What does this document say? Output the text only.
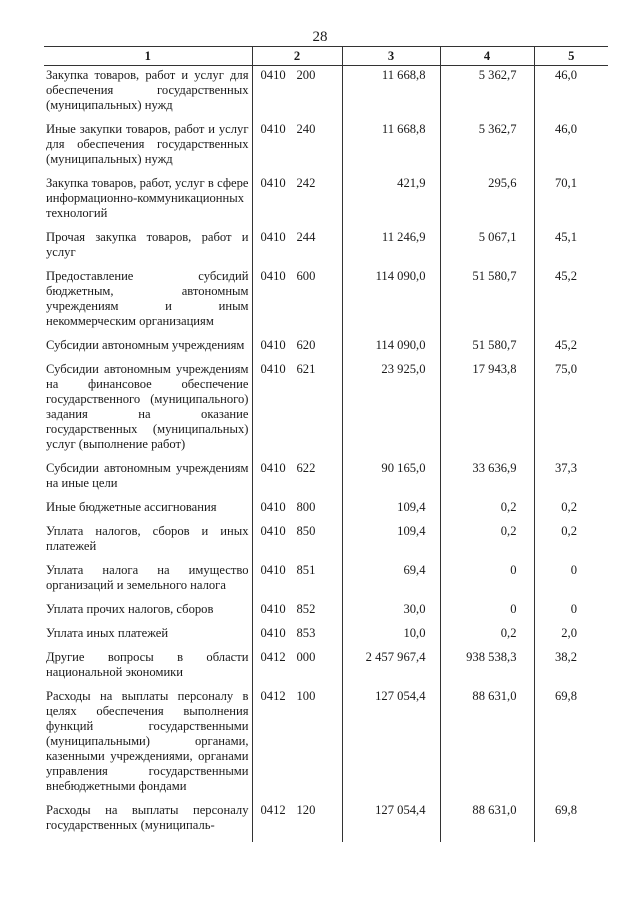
28
1	2	3	4	5
Закупка товаров, работ и услуг для обеспечения государственных (муниципальных) нужд	0410 200	11 668,8	5 362,7	46,0
Иные закупки товаров, работ и услуг для обеспечения государственных (муниципальных) нужд	0410 240	11 668,8	5 362,7	46,0
Закупка товаров, работ, услуг в сфере информационно-коммуникационных технологий	0410 242	421,9	295,6	70,1
Прочая закупка товаров, работ и услуг	0410 244	11 246,9	5 067,1	45,1
Предоставление субсидий бюджетным, автономным учреждениям и иным некоммерческим организациям	0410 600	114 090,0	51 580,7	45,2
Субсидии автономным учреждениям	0410 620	114 090,0	51 580,7	45,2
Субсидии автономным учреждениям на финансовое обеспечение государственного (муниципального) задания на оказание государственных (муниципальных) услуг (выполнение работ)	0410 621	23 925,0	17 943,8	75,0
Субсидии автономным учреждениям на иные цели	0410 622	90 165,0	33 636,9	37,3
Иные бюджетные ассигнования	0410 800	109,4	0,2	0,2
Уплата налогов, сборов и иных платежей	0410 850	109,4	0,2	0,2
Уплата налога на имущество организаций и земельного налога	0410 851	69,4	0	0
Уплата прочих налогов, сборов	0410 852	30,0	0	0
Уплата иных платежей	0410 853	10,0	0,2	2,0
Другие вопросы в области национальной экономики	0412 000	2 457 967,4	938 538,3	38,2
Расходы на выплаты персоналу в целях обеспечения выполнения функций государственными (муниципальными) органами, казенными учреждениями, органами управления государственными внебюджетными фондами	0412 100	127 054,4	88 631,0	69,8
Расходы на выплаты персоналу государственных (муниципаль-	0412 120	127 054,4	88 631,0	69,8
